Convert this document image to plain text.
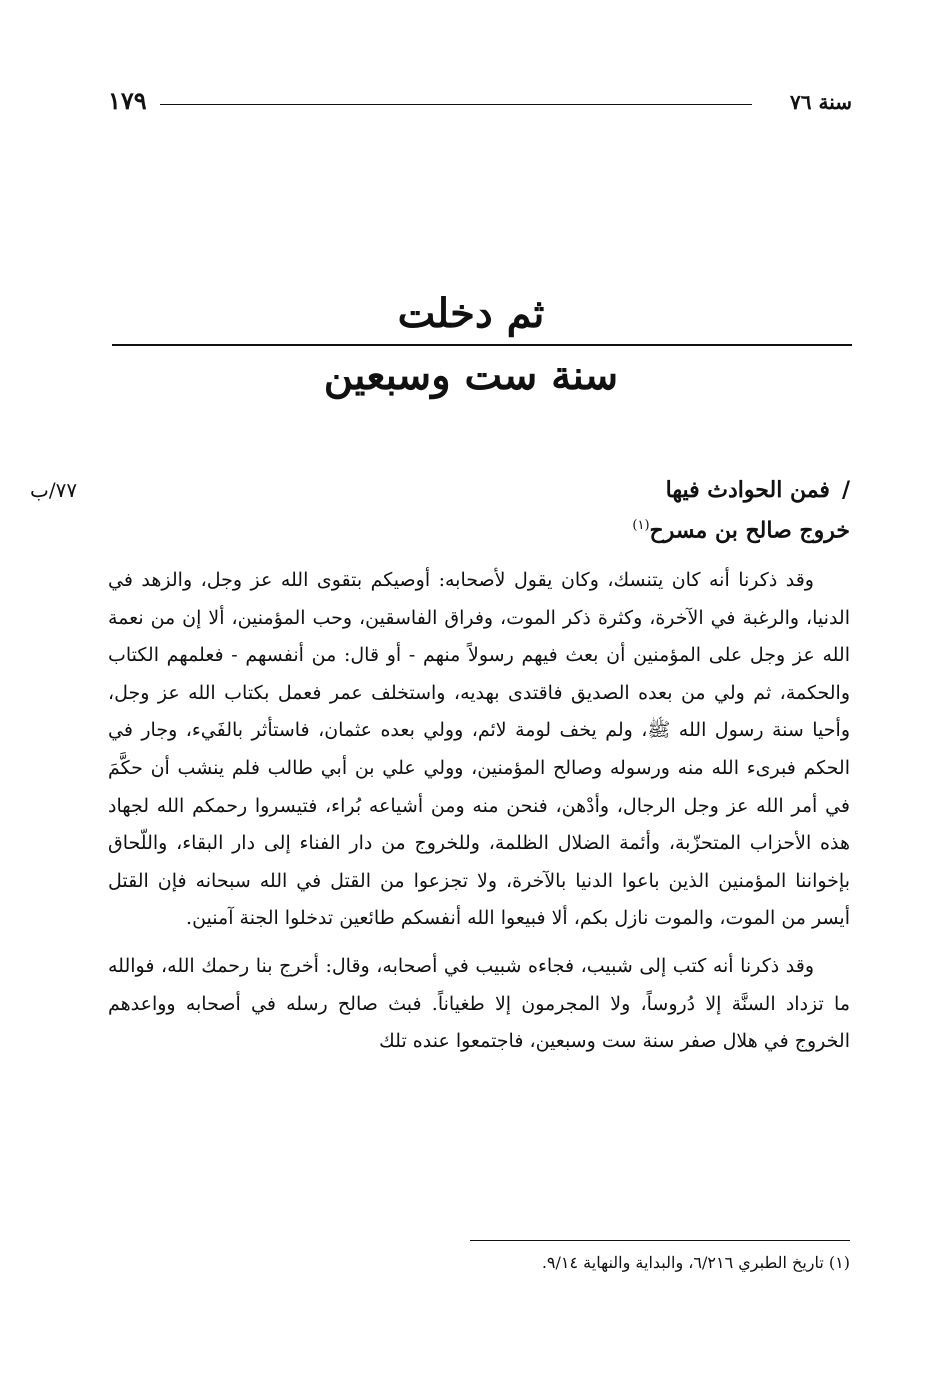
سنة ٧٦
١٧٩
ثم دخلت
سنة ست وسبعين
٧٧/ب	/فمن الحوادث فيها
خروج صالح بن مسرح$^{(١)}$

وقد ذكرنا أنه كان يتنسك، وكان يقول لأصحابه: أوصيكم بتقوى الله عز وجل، والزهد في الدنيا، والرغبة في الآخرة، وكثرة ذكر الموت، وفراق الفاسقين، وحب المؤمنين، ألا إن من نعمة الله عز وجل على المؤمنين أن بعث فيهم رسولاً منهم - أو قال: من أنفسهم - فعلمهم الكتاب والحكمة، ثم ولي من بعده الصديق فاقتدى بهديه، واستخلف عمر فعمل بكتاب الله عز وجل، وأحيا سنة رسول الله ﷺ، ولم يخف لومة لائم، وولي بعده عثمان، فاستأثر بالفَيء، وجار في الحكم فبرىء الله منه ورسوله وصالح المؤمنين، وولي علي بن أبي طالب فلم ينشب أن حكَّمَ في أمر الله عز وجل الرجال، وأدْهن، فنحن منه ومن أشياعه بُراء، فتيسروا رحمكم الله لجهاد هذه الأحزاب المتحزّبة، وأئمة الضلال الظلمة، وللخروج من دار الفناء إلى دار البقاء، واللّحاق بإخواننا المؤمنين الذين باعوا الدنيا بالآخرة، ولا تجزعوا من القتل في الله سبحانه فإن القتل أيسر من الموت، والموت نازل بكم، ألا فبيعوا الله أنفسكم طائعين تدخلوا الجنة آمنين.

وقد ذكرنا أنه كتب إلى شبيب، فجاءه شبيب في أصحابه، وقال: أخرج بنا رحمك الله، فوالله ما تزداد السنَّة إلا دُروساً، ولا المجرمون إلا طغياناً. فبث صالح رسله في أصحابه وواعدهم الخروج في هلال صفر سنة ست وسبعين، فاجتمعوا عنده تلك

(١) تاريخ الطبري ٦/٢١٦، والبداية والنهاية ٩/١٤.
